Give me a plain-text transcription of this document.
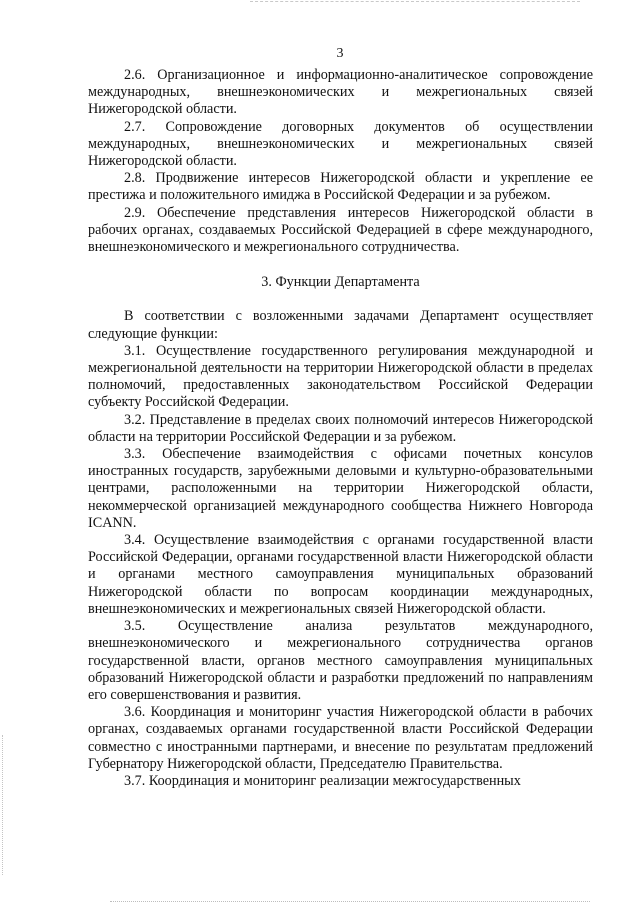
3

2.6. Организационное и информационно-аналитическое сопровождение международных, внешнеэкономических и межрегиональных связей Нижегородской области.

2.7. Сопровождение договорных документов об осуществлении международных, внешнеэкономических и межрегиональных связей Нижегородской области.

2.8. Продвижение интересов Нижегородской области и укрепление ее престижа и положительного имиджа в Российской Федерации и за рубежом.

2.9. Обеспечение представления интересов Нижегородской области в рабочих органах, создаваемых Российской Федерацией в сфере международного, внешнеэкономического и межрегионального сотрудничества.

3. Функции Департамента

В соответствии с возложенными задачами Департамент осуществляет следующие функции:

3.1. Осуществление государственного регулирования международной и межрегиональной деятельности на территории Нижегородской области в пределах полномочий, предоставленных законодательством Российской Федерации субъекту Российской Федерации.

3.2. Представление в пределах своих полномочий интересов Нижегородской области на территории Российской Федерации и за рубежом.

3.3. Обеспечение взаимодействия с офисами почетных консулов иностранных государств, зарубежными деловыми и культурно-образовательными центрами, расположенными на территории Нижегородской области, некоммерческой организацией международного сообщества Нижнего Новгорода ICANN.

3.4. Осуществление взаимодействия с органами государственной власти Российской Федерации, органами государственной власти Нижегородской области и органами местного самоуправления муниципальных образований Нижегородской области по вопросам координации международных, внешнеэкономических и межрегиональных связей Нижегородской области.

3.5. Осуществление анализа результатов международного, внешнеэкономического и межрегионального сотрудничества органов государственной власти, органов местного самоуправления муниципальных образований Нижегородской области и разработки предложений по направлениям его совершенствования и развития.

3.6. Координация и мониторинг участия Нижегородской области в рабочих органах, создаваемых органами государственной власти Российской Федерации совместно с иностранными партнерами, и внесение по результатам предложений Губернатору Нижегородской области, Председателю Правительства.

3.7. Координация и мониторинг реализации межгосударственных
